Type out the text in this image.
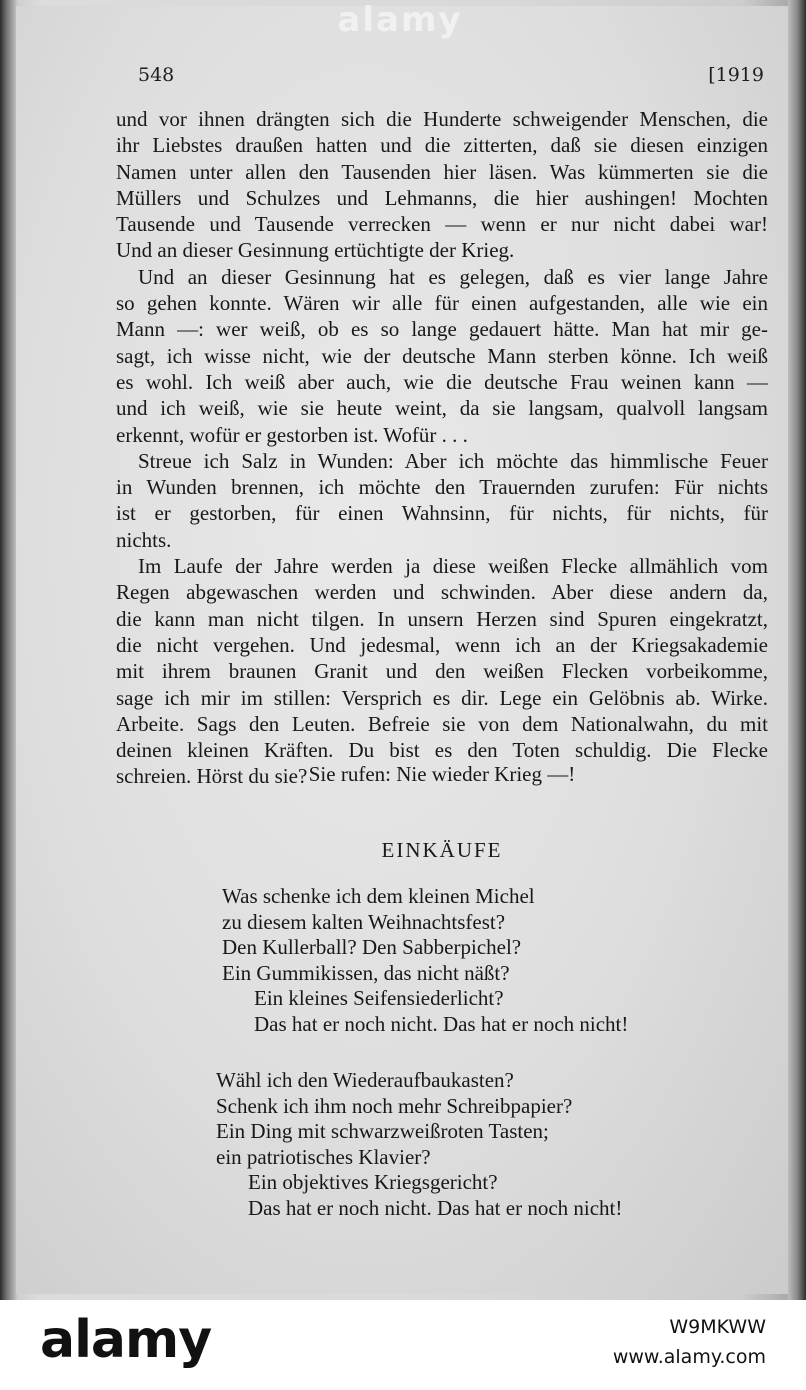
alamy
548	[1919
und vor ihnen drängten sich die Hunderte schweigender Menschen, die
ihr Liebstes draußen hatten und die zitterten, daß sie diesen einzigen
Namen unter allen den Tausenden hier läsen. Was kümmerten sie die
Müllers und Schulzes und Lehmanns, die hier aushingen! Mochten
Tausende und Tausende verrecken — wenn er nur nicht dabei war!
Und an dieser Gesinnung ertüchtigte der Krieg.
Und an dieser Gesinnung hat es gelegen, daß es vier lange Jahre
so gehen konnte. Wären wir alle für einen aufgestanden, alle wie ein
Mann —: wer weiß, ob es so lange gedauert hätte. Man hat mir ge-
sagt, ich wisse nicht, wie der deutsche Mann sterben könne. Ich weiß
es wohl. Ich weiß aber auch, wie die deutsche Frau weinen kann —
und ich weiß, wie sie heute weint, da sie langsam, qualvoll langsam
erkennt, wofür er gestorben ist. Wofür . . .
Streue ich Salz in Wunden: Aber ich möchte das himmlische Feuer
in Wunden brennen, ich möchte den Trauernden zurufen: Für nichts
ist er gestorben, für einen Wahnsinn, für nichts, für nichts, für
nichts.
Im Laufe der Jahre werden ja diese weißen Flecke allmählich vom
Regen abgewaschen werden und schwinden. Aber diese andern da,
die kann man nicht tilgen. In unsern Herzen sind Spuren eingekratzt,
die nicht vergehen. Und jedesmal, wenn ich an der Kriegsakademie
mit ihrem braunen Granit und den weißen Flecken vorbeikomme,
sage ich mir im stillen: Versprich es dir. Lege ein Gelöbnis ab. Wirke.
Arbeite. Sags den Leuten. Befreie sie von dem Nationalwahn, du mit
deinen kleinen Kräften. Du bist es den Toten schuldig. Die Flecke
schreien. Hörst du sie? Sie rufen: Nie wieder Krieg —!
EINKÄUFE
Was schenke ich dem kleinen Michel
zu diesem kalten Weihnachtsfest?
Den Kullerball? Den Sabberpichel?
Ein Gummikissen, das nicht näßt?
Ein kleines Seifensiederlicht?
Das hat er noch nicht. Das hat er noch nicht!
Wähl ich den Wiederaufbaukasten?
Schenk ich ihm noch mehr Schreibpapier?
Ein Ding mit schwarzweißroten Tasten;
ein patriotisches Klavier?
Ein objektives Kriegsgericht?
Das hat er noch nicht. Das hat er noch nicht!
alamy	W9MKWW
www.alamy.com
